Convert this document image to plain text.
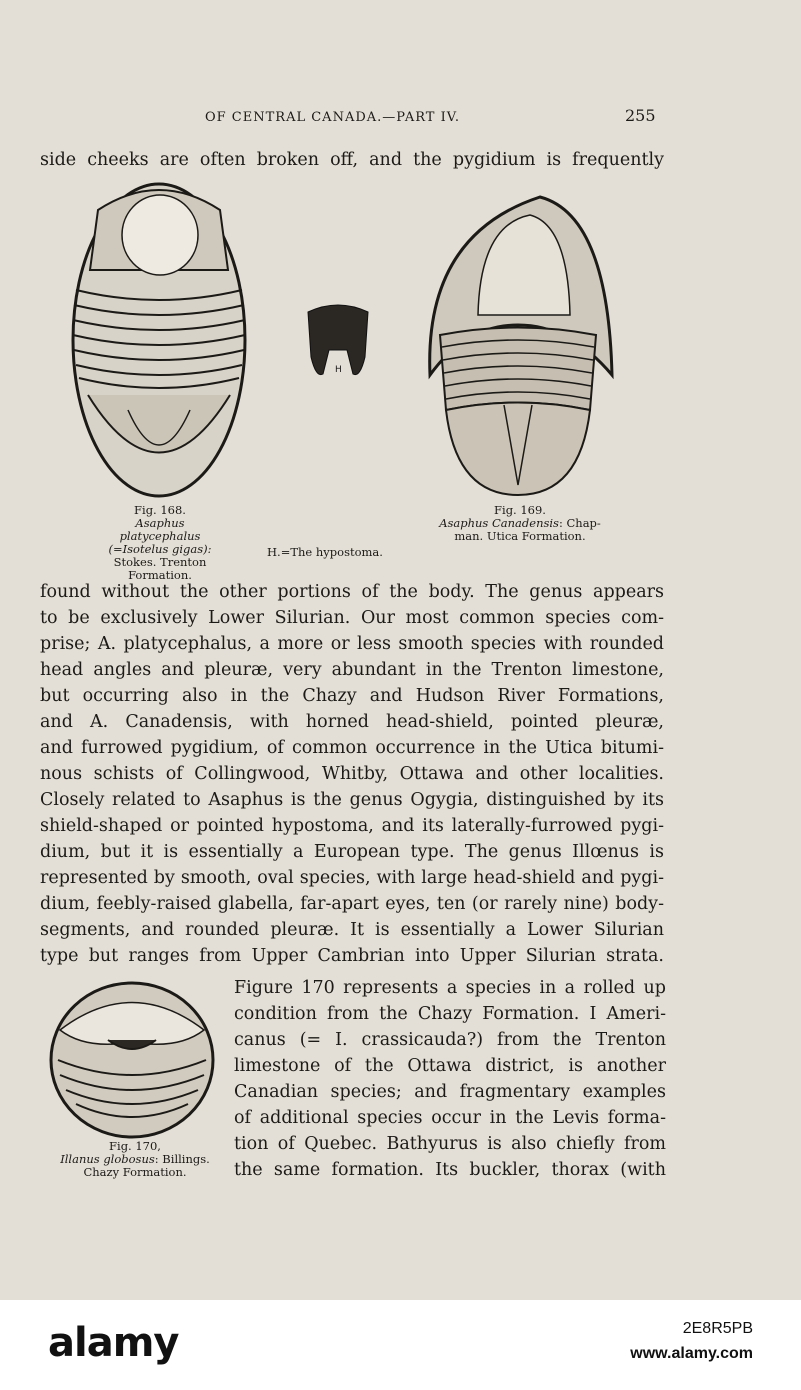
OF CENTRAL CANADA.—PART IV.	255
side cheeks are often broken off, and the pygidium is frequently
H
Fig. 168.
Asaphus platycephalus
(=Isotelus gigas):
Stokes. Trenton
Formation.
H.=The hypostoma.
Fig. 169.
Asaphus Canadensis: Chap-
man. Utica Formation.
found without the other portions of the body. The genus appears
to be exclusively Lower Silurian. Our most common species com-
prise; A. platycephalus, a more or less smooth species with rounded
head angles and pleuræ, very abundant in the Trenton limestone,
but occurring also in the Chazy and Hudson River Formations,
and A. Canadensis, with horned head-shield, pointed pleuræ,
and furrowed pygidium, of common occurrence in the Utica bitumi-
nous schists of Collingwood, Whitby, Ottawa and other localities.
Closely related to Asaphus is the genus Ogygia, distinguished by its
shield-shaped or pointed hypostoma, and its laterally-furrowed pygi-
dium, but it is essentially a European type. The genus Illœnus is
represented by smooth, oval species, with large head-shield and pygi-
dium, feebly-raised glabella, far-apart eyes, ten (or rarely nine) body-
segments, and rounded pleuræ. It is essentially a Lower Silurian
type but ranges from Upper Cambrian into Upper Silurian strata.
Figure 170 represents a species in a rolled up
condition from the Chazy Formation. I Ameri-
canus (= I. crassicauda?) from the Trenton
limestone of the Ottawa district, is another
Canadian species; and fragmentary examples
of additional species occur in the Levis forma-
tion of Quebec. Bathyurus is also chiefly from
the same formation. Its buckler, thorax (with
Fig. 170,
Illanus globosus: Billings.
Chazy Formation.
alamy	2E8R5PB
www.alamy.com
